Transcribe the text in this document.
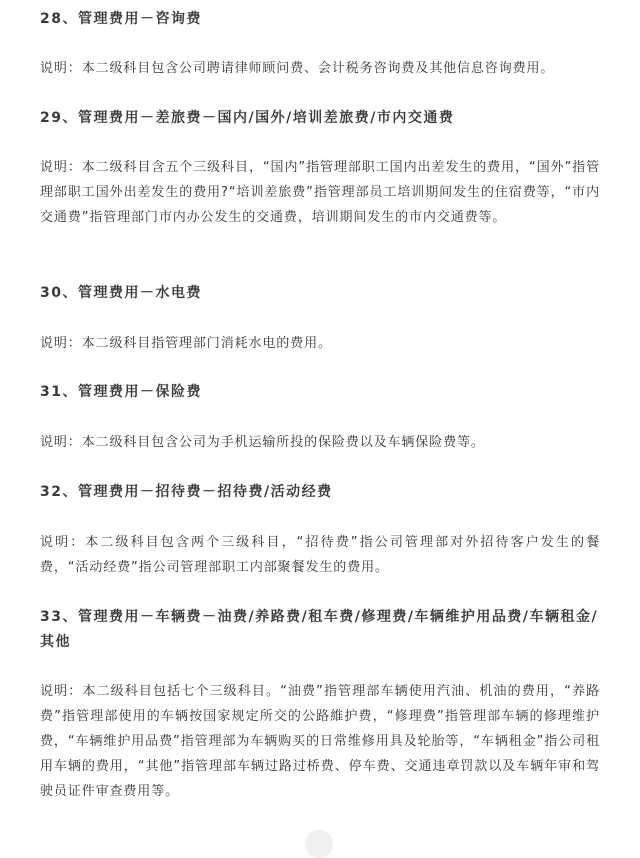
28、管理费用－咨询费

说明：本二级科目包含公司聘请律师顾问费、会计税务咨询费及其他信息咨询费用。

29、管理费用－差旅费－国内/国外/培训差旅费/市内交通费

说明：本二级科目含五个三级科目，“国内”指管理部职工国内出差发生的费用，“国外”指管理部职工国外出差发生的费用?“培训差旅费”指管理部员工培训期间发生的住宿费等，“市内交通费”指管理部门市内办公发生的交通费，培训期间发生的市内交通费等。

30、管理费用－水电费

说明：本二级科目指管理部门消耗水电的费用。

31、管理费用－保险费

说明：本二级科目包含公司为手机运输所投的保险费以及车辆保险费等。

32、管理费用－招待费－招待费/活动经费

说明：本二级科目包含两个三级科目，“招待费”指公司管理部对外招待客户发生的餐费，“活动经费”指公司管理部职工内部聚餐发生的费用。

33、管理费用－车辆费－油费/养路费/租车费/修理费/车辆维护用品费/车辆租金/其他

说明：本二级科目包括七个三级科目。“油费”指管理部车辆使用汽油、机油的费用，“养路费”指管理部使用的车辆按国家规定所交的公路維护费，“修理费”指管理部车辆的修理维护费，“车辆维护用品费”指管理部为车辆购买的日常维修用具及轮胎等，“车辆租金”指公司租用车辆的费用，“其他”指管理部车辆过路过桥费、停车费、交通违章罚款以及车辆年审和驾驶员证件审查费用等。
